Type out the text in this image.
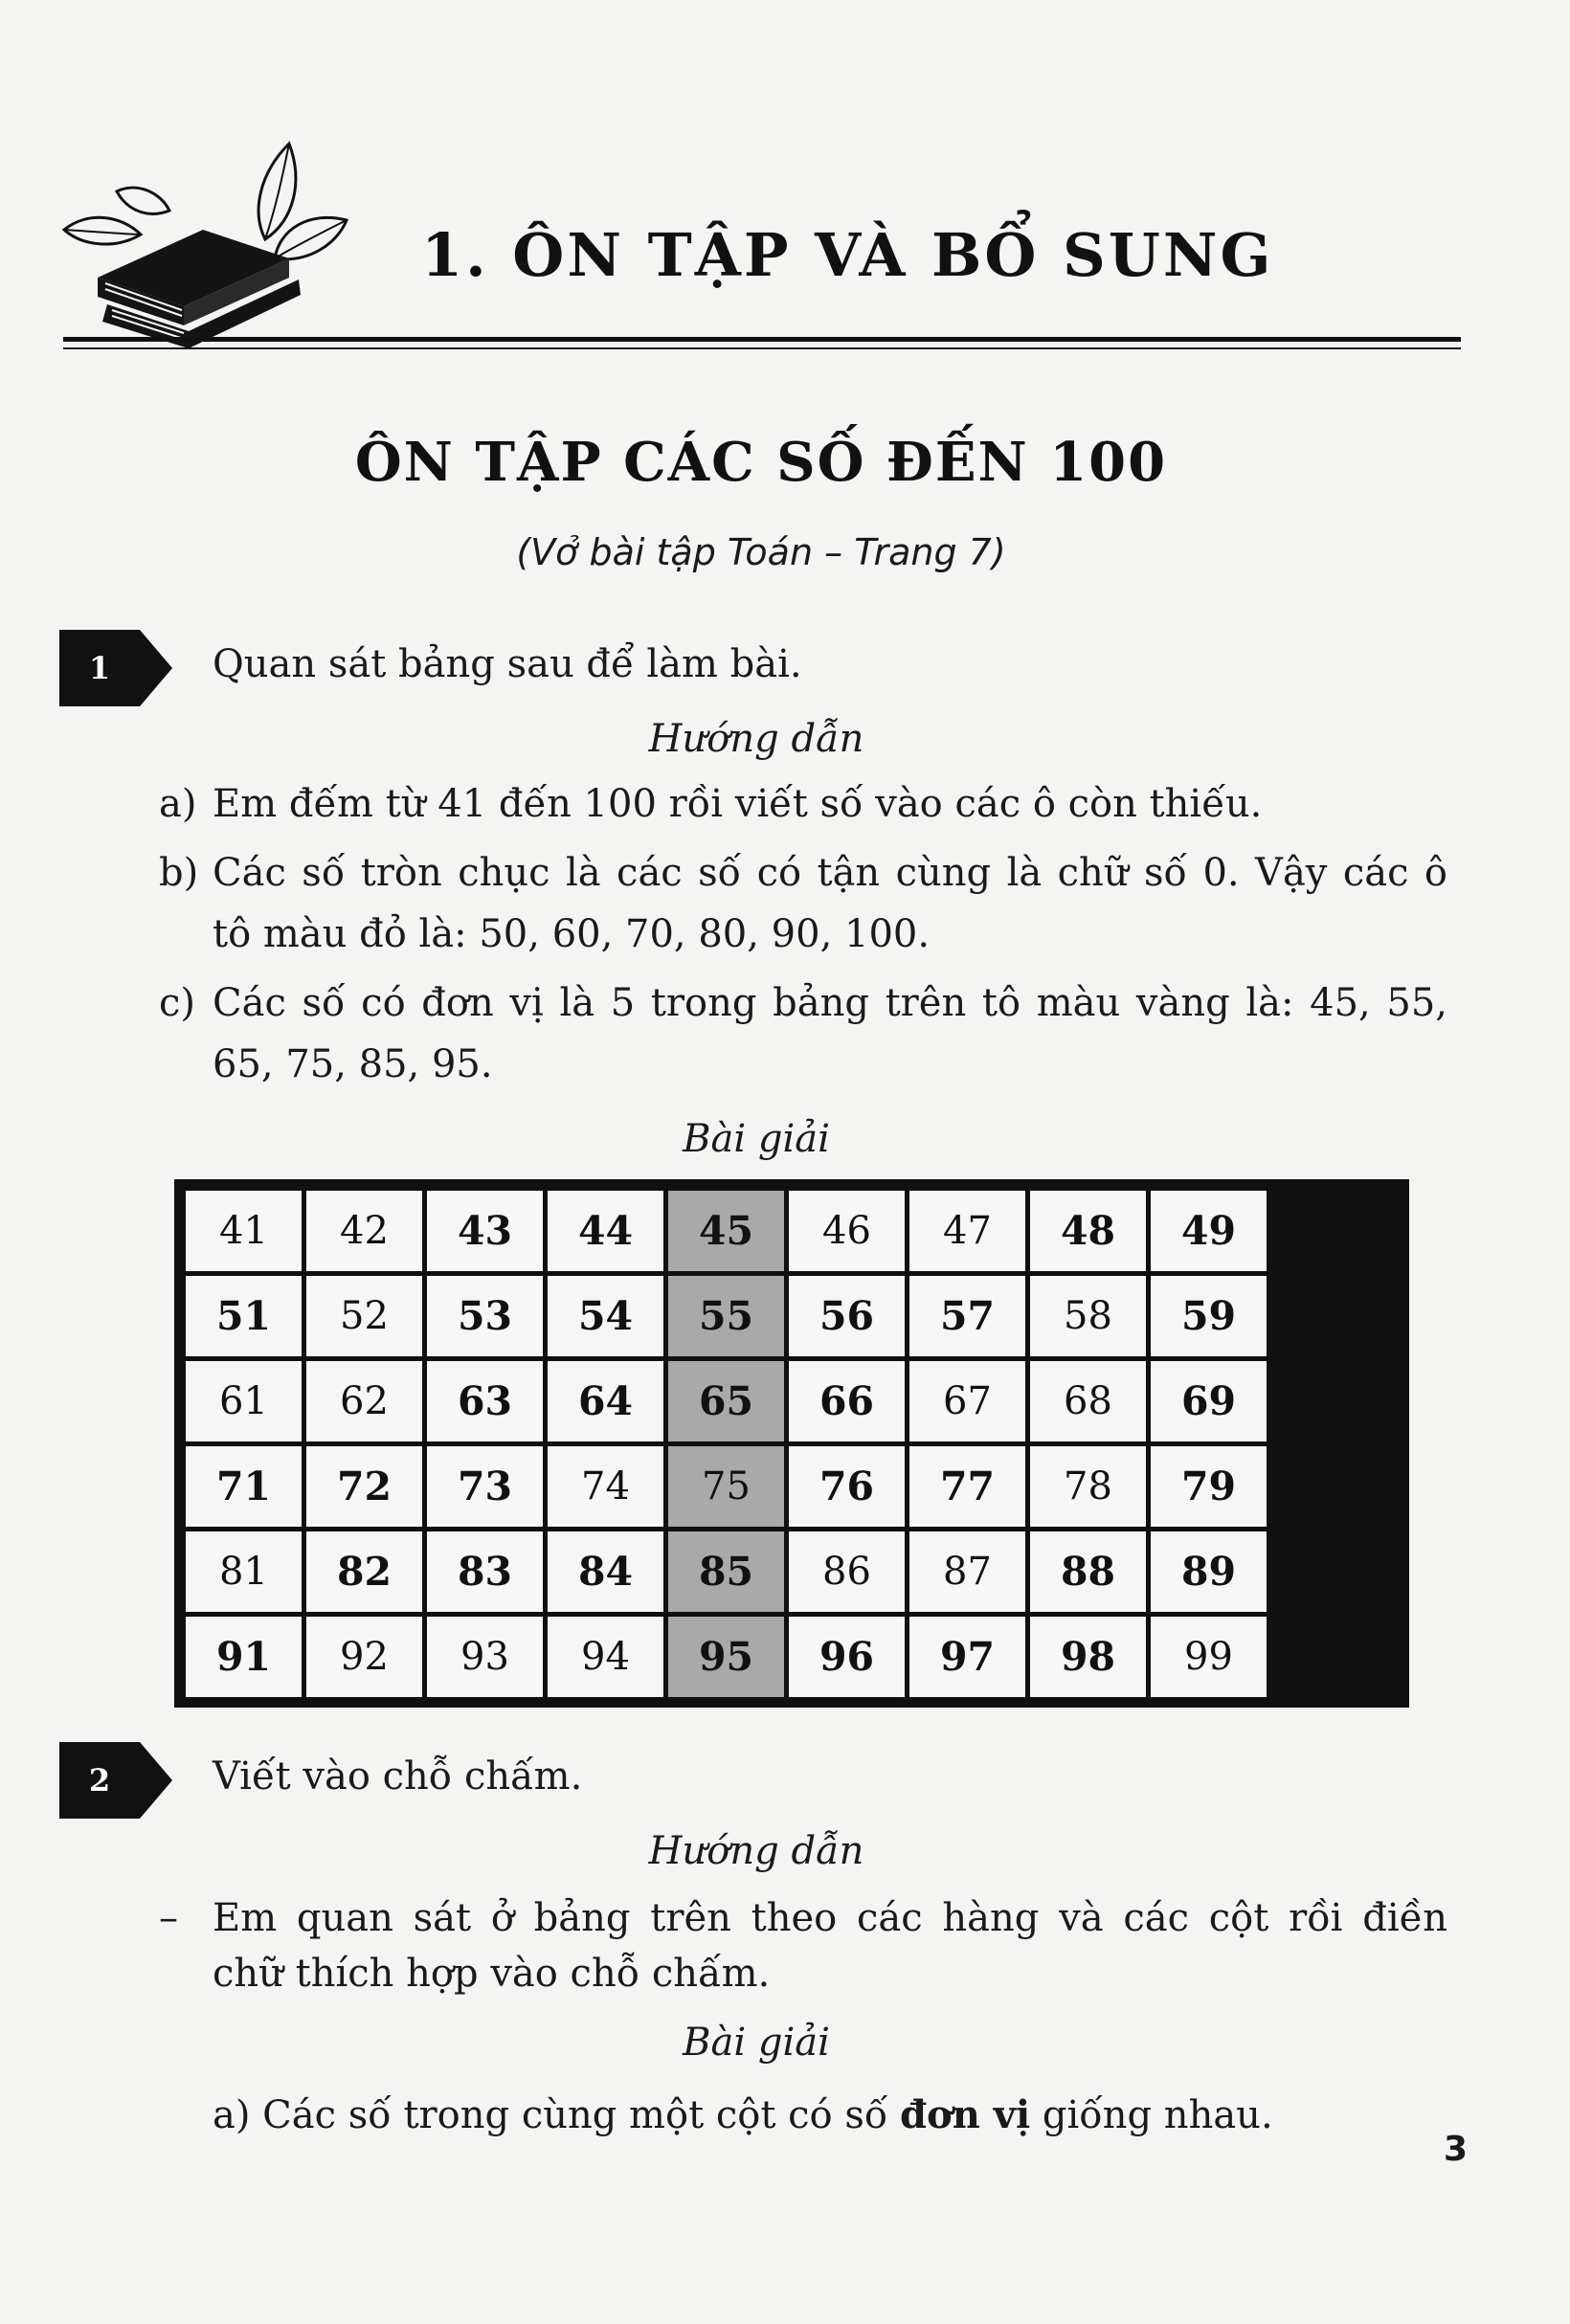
1. ÔN TẬP VÀ BỔ SUNG
ÔN TẬP CÁC SỐ ĐẾN 100
(Vở bài tập Toán – Trang 7)
1	Quan sát bảng sau để làm bài.
Hướng dẫn
a) Em đếm từ 41 đến 100 rồi viết số vào các ô còn thiếu.
b) Các số tròn chục là các số có tận cùng là chữ số 0. Vậy các ô
tô màu đỏ là: 50, 60, 70, 80, 90, 100.
c) Các số có đơn vị là 5 trong bảng trên tô màu vàng là: 45, 55,
65, 75, 85, 95.
Bài giải
41	42	43	44	45	46	47	48	49
51	52	53	54	55	56	57	58	59
61	62	63	64	65	66	67	68	69
71	72	73	74	75	76	77	78	79
81	82	83	84	85	86	87	88	89
91	92	93	94	95	96	97	98	99
2	Viết vào chỗ chấm.
Hướng dẫn
– Em quan sát ở bảng trên theo các hàng và các cột rồi điền
chữ thích hợp vào chỗ chấm.
Bài giải
a) Các số trong cùng một cột có số đơn vị giống nhau.
3
